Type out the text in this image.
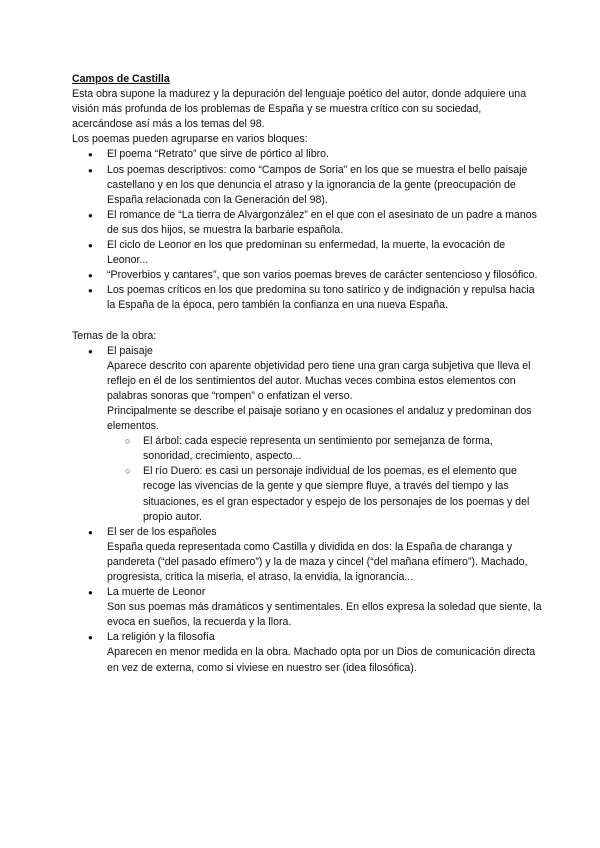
Campos de Castilla

Esta obra supone la madurez y la depuración del lenguaje poético del autor, donde adquiere una visión más profunda de los problemas de España y se muestra crítico con su sociedad, acercándose así más a los temas del 98.

Los poemas pueden agruparse en varios bloques:

● El poema “Retrato” que sirve de pórtico al libro.
● Los poemas descriptivos: como “Campos de Soria” en los que se muestra el bello paisaje castellano y en los que denuncia el atraso y la ignorancia de la gente (preocupación de España relacionada con la Generación del 98).
● El romance de “La tierra de Alvargonzález” en el que con el asesinato de un padre a manos de sus dos hijos, se muestra la barbarie española.
● El ciclo de Leonor en los que predominan su enfermedad, la muerte, la evocación de Leonor...
● “Proverbios y cantares”, que son varios poemas breves de carácter sentencioso y filosófico.
● Los poemas críticos en los que predomina su tono satírico y de indignación y repulsa hacia la España de la época, pero también la confianza en una nueva España.

Temas de la obra:

● El paisaje
Aparece descrito con aparente objetividad pero tiene una gran carga subjetiva que lleva el reflejo en él de los sentimientos del autor. Muchas veces combina estos elementos con palabras sonoras que “rompen” o enfatizan el verso.
Principalmente se describe el paisaje soriano y en ocasiones el andaluz y predominan dos elementos.
○ El árbol: cada especie representa un sentimiento por semejanza de forma, sonoridad, crecimiento, aspecto...
○ El río Duero: es casi un personaje individual de los poemas, es el elemento que recoge las vivencias de la gente y que siempre fluye, a través del tiempo y las situaciones, es el gran espectador y espejo de los personajes de los poemas y del propio autor.
● El ser de los españoles
España queda representada como Castilla y dividida en dos: la España de charanga y pandereta (“del pasado efímero”) y la de maza y cincel (“del mañana efímero”). Machado, progresista, critica la miseria, el atraso, la envidia, la ignorancia...
● La muerte de Leonor
Son sus poemas más dramáticos y sentimentales. En ellos expresa la soledad que siente, la evoca en sueños, la recuerda y la llora.
● La religión y la filosofía
Aparecen en menor medida en la obra. Machado opta por un Dios de comunicación directa en vez de externa, como si viviese en nuestro ser (idea filosófica).
